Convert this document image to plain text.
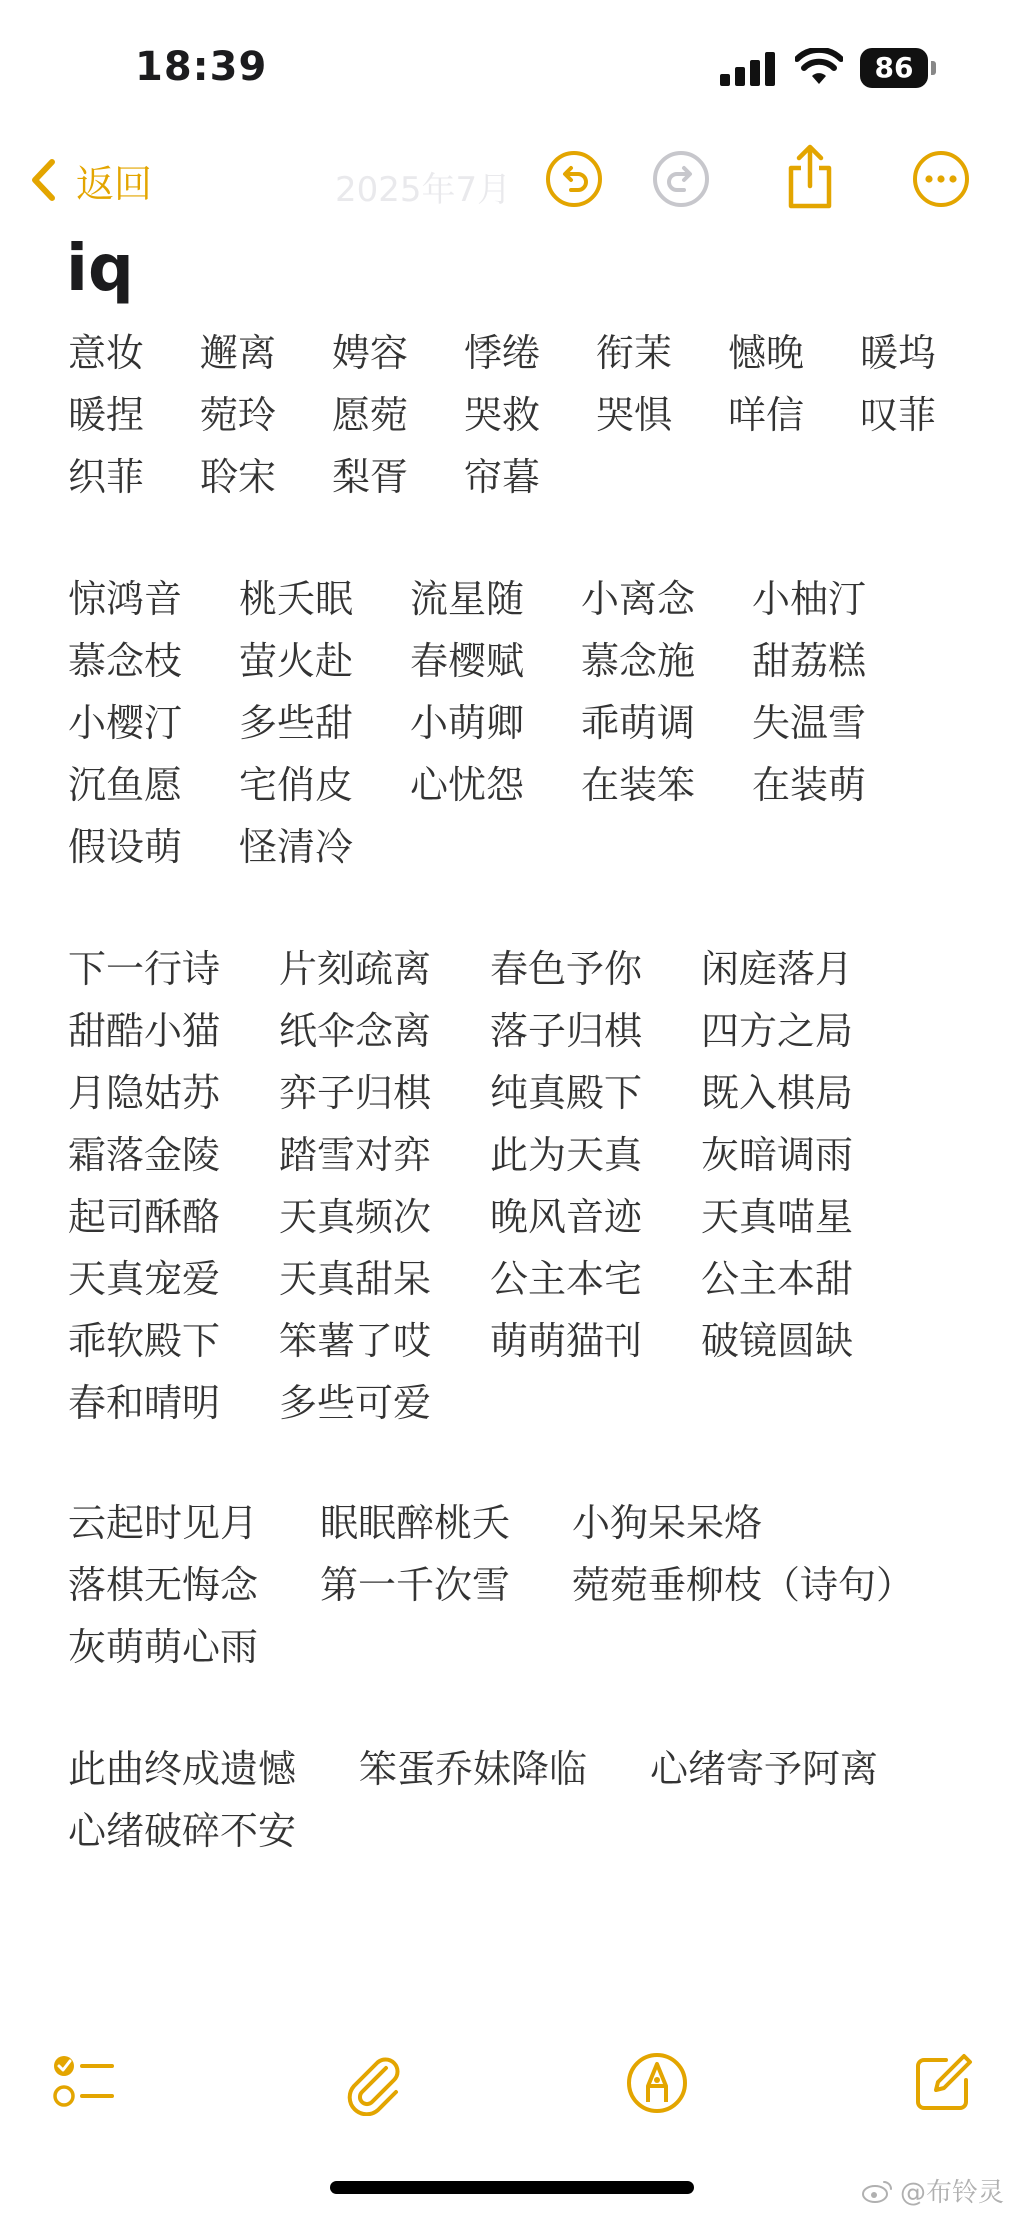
18:39	86
返回	2025年7月
iq
意妆	邂离	娉容	悸绻	衔茉	憾晚	暖坞
暖捏	菀玲	愿菀	哭救	哭惧	咩信	叹菲
织菲	聆宋	梨胥	帘暮
惊鸿音	桃夭眠	流星随	小离念	小柚汀
慕念枝	萤火赴	春樱赋	慕念施	甜荔糕
小樱汀	多些甜	小萌卿	乖萌调	失温雪
沉鱼愿	宅俏皮	心忧怨	在装笨	在装萌
假设萌	怪清冷
下一行诗	片刻疏离	春色予你	闲庭落月
甜酷小猫	纸伞念离	落子归棋	四方之局
月隐姑苏	弈子归棋	纯真殿下	既入棋局
霜落金陵	踏雪对弈	此为天真	灰暗调雨
起司酥酪	天真频次	晚风音迹	天真喵星
天真宠爱	天真甜呆	公主本宅	公主本甜
乖软殿下	笨薯了哎	萌萌猫刊	破镜圆缺
春和晴明	多些可爱
云起时见月	眠眠醉桃夭	小狗呆呆烙
落棋无悔念	第一千次雪	菀菀垂柳枝（诗句）
灰萌萌心雨
此曲终成遗憾	笨蛋乔妹降临	心绪寄予阿离
心绪破碎不安
@布铃灵
